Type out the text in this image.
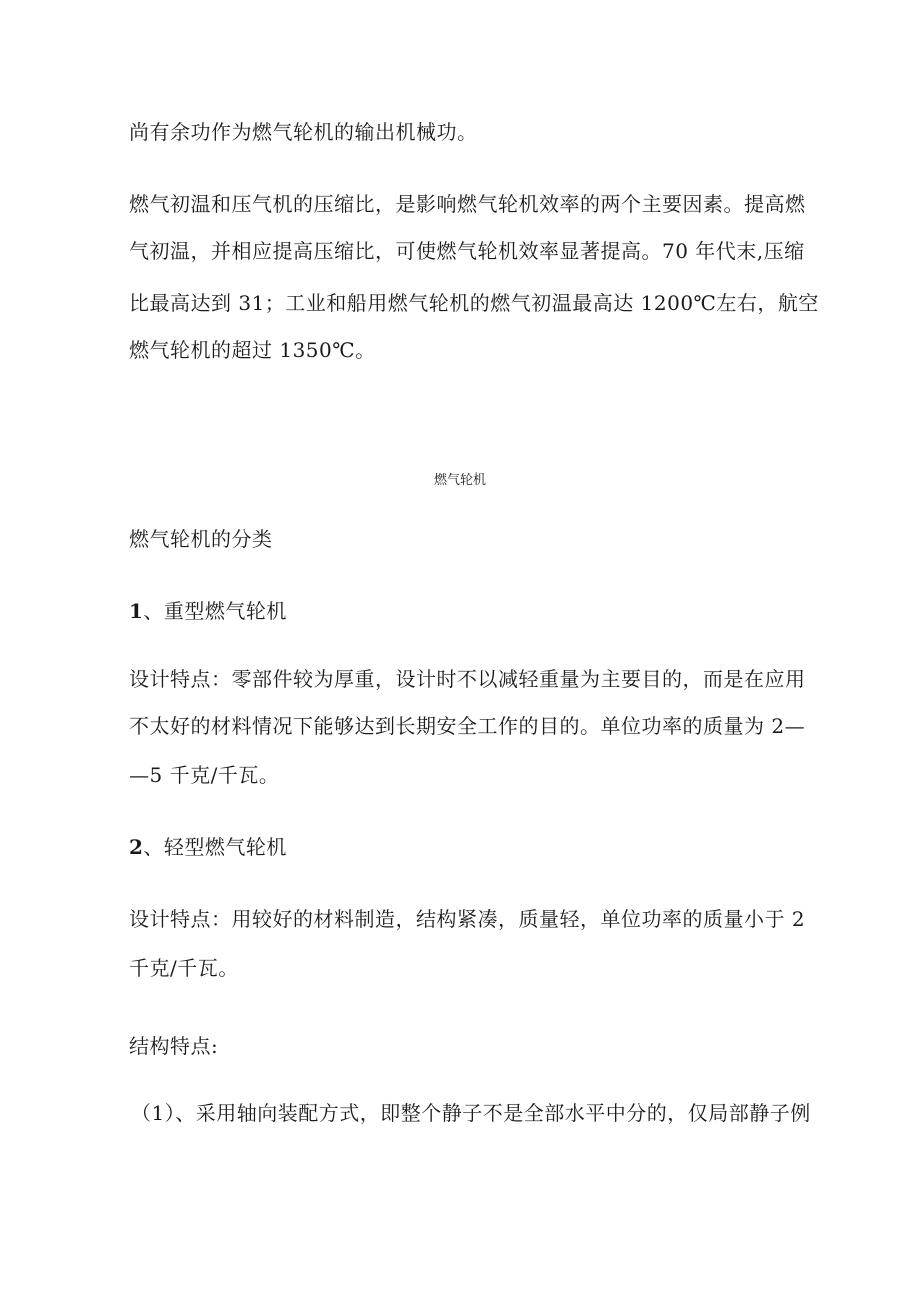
尚有余功作为燃气轮机的输出机械功。
燃气初温和压气机的压缩比，是影响燃气轮机效率的两个主要因素。提高燃
气初温，并相应提高压缩比，可使燃气轮机效率显著提高。70 年代末,压缩
比最高达到 31；工业和船用燃气轮机的燃气初温最高达 1200℃左右，航空
燃气轮机的超过 1350℃。
燃气轮机
燃气轮机的分类
1、重型燃气轮机
设计特点：零部件较为厚重，设计时不以减轻重量为主要目的，而是在应用
不太好的材料情况下能够达到长期安全工作的目的。单位功率的质量为 2—
—5 千克/千瓦。
2、轻型燃气轮机
设计特点：用较好的材料制造，结构紧凑，质量轻，单位功率的质量小于 2
千克/千瓦。
结构特点:
（1）、采用轴向装配方式，即整个静子不是全部水平中分的，仅局部静子例
